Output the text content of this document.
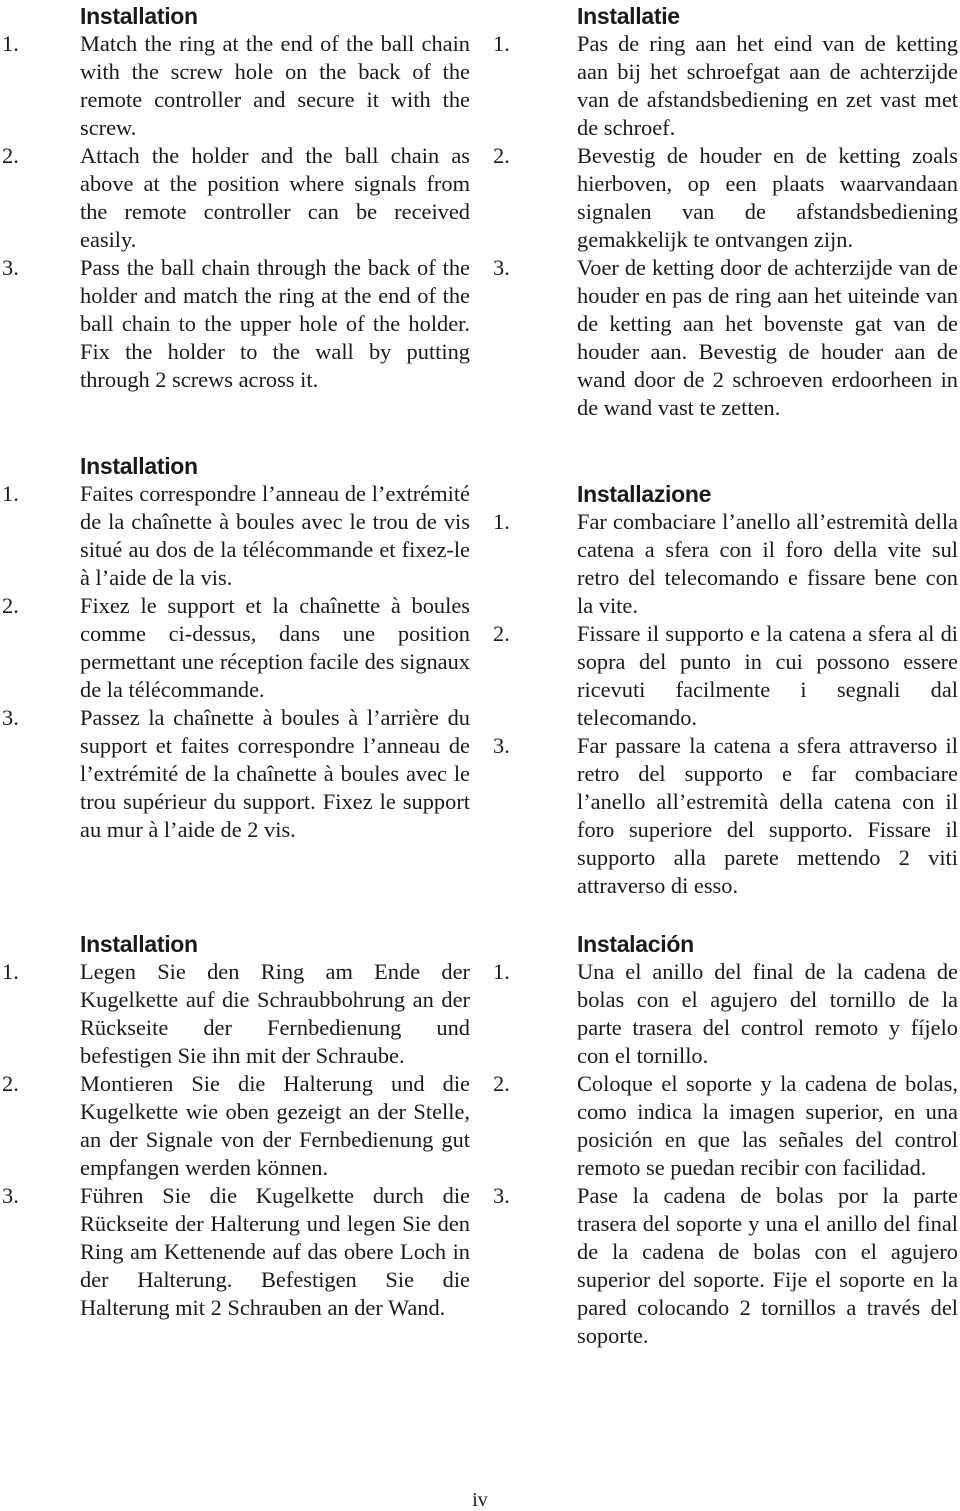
Installation
1.	Match the ring at the end of the ball chain with the screw hole on the back of the remote controller and secure it with the screw.
2.	Attach the holder and the ball chain as above at the position where signals from the remote controller can be received easily.
3.	Pass the ball chain through the back of the holder and match the ring at the end of the ball chain to the upper hole of the holder. Fix the holder to the wall by putting through 2 screws across it.
Installation
1.	Faites correspondre l’anneau de l’extrémité de la chaînette à boules avec le trou de vis situé au dos de la télécommande et fixez-le à l’aide de la vis.
2.	Fixez le support et la chaînette à boules comme ci-dessus, dans une position permettant une réception facile des signaux de la télécommande.
3.	Passez la chaînette à boules à l’arrière du support et faites correspondre l’anneau de l’extrémité de la chaînette à boules avec le trou supérieur du support. Fixez le support au mur à l’aide de 2 vis.
Installation
1.	Legen Sie den Ring am Ende der Kugelkette auf die Schraubbohrung an der Rückseite der Fernbedienung und befestigen Sie ihn mit der Schraube.
2.	Montieren Sie die Halterung und die Kugelkette wie oben gezeigt an der Stelle, an der Signale von der Fernbedienung gut empfangen werden können.
3.	Führen Sie die Kugelkette durch die Rückseite der Halterung und legen Sie den Ring am Kettenende auf das obere Loch in der Halterung. Befestigen Sie die Halterung mit 2 Schrauben an der Wand.
Installatie
1.	Pas de ring aan het eind van de ketting aan bij het schroefgat aan de achterzijde van de afstandsbediening en zet vast met de schroef.
2.	Bevestig de houder en de ketting zoals hierboven, op een plaats waarvandaan signalen van de afstandsbediening gemakkelijk te ontvangen zijn.
3.	Voer de ketting door de achterzijde van de houder en pas de ring aan het uiteinde van de ketting aan het bovenste gat van de houder aan. Bevestig de houder aan de wand door de 2 schroeven erdoorheen in de wand vast te zetten.
Installazione
1.	Far combaciare l’anello all’estremità della catena a sfera con il foro della vite sul retro del telecomando e fissare bene con la vite.
2.	Fissare il supporto e la catena a sfera al di sopra del punto in cui possono essere ricevuti facilmente i segnali dal telecomando.
3.	Far passare la catena a sfera attraverso il retro del supporto e far combaciare l’anello all’estremità della catena con il foro superiore del supporto. Fissare il supporto alla parete mettendo 2 viti attraverso di esso.
Instalación
1.	Una el anillo del final de la cadena de bolas con el agujero del tornillo de la parte trasera del control remoto y fíjelo con el tornillo.
2.	Coloque el soporte y la cadena de bolas, como indica la imagen superior, en una posición en que las señales del control remoto se puedan recibir con facilidad.
3.	Pase la cadena de bolas por la parte trasera del soporte y una el anillo del final de la cadena de bolas con el agujero superior del soporte. Fije el soporte en la pared colocando 2 tornillos a través del soporte.
iv
